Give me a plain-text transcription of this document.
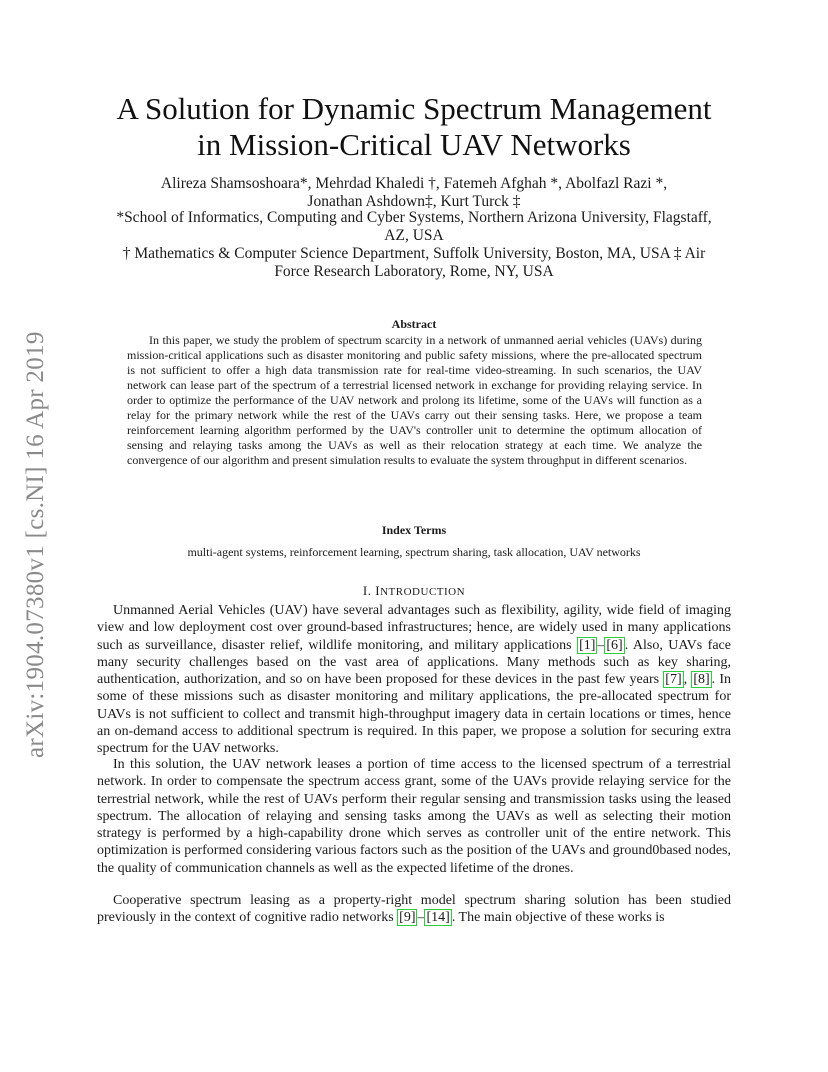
arXiv:1904.07380v1 [cs.NI] 16 Apr 2019
A Solution for Dynamic Spectrum Management
in Mission-Critical UAV Networks
Alireza Shamsoshoara*, Mehrdad Khaledi †, Fatemeh Afghah *, Abolfazl Razi *,
Jonathan Ashdown‡, Kurt Turck ‡
*School of Informatics, Computing and Cyber Systems, Northern Arizona University, Flagstaff,
AZ, USA
† Mathematics & Computer Science Department, Suffolk University, Boston, MA, USA ‡ Air
Force Research Laboratory, Rome, NY, USA
Abstract

In this paper, we study the problem of spectrum scarcity in a network of unmanned aerial vehicles (UAVs) during mission-critical applications such as disaster monitoring and public safety missions, where the pre-allocated spectrum is not sufficient to offer a high data transmission rate for real-time video-streaming. In such scenarios, the UAV network can lease part of the spectrum of a terrestrial licensed network in exchange for providing relaying service. In order to optimize the performance of the UAV network and prolong its lifetime, some of the UAVs will function as a relay for the primary network while the rest of the UAVs carry out their sensing tasks. Here, we propose a team reinforcement learning algorithm performed by the UAV's controller unit to determine the optimum allocation of sensing and relaying tasks among the UAVs as well as their relocation strategy at each time. We analyze the convergence of our algorithm and present simulation results to evaluate the system throughput in different scenarios.

Index Terms
multi-agent systems, reinforcement learning, spectrum sharing, task allocation, UAV networks
I. INTRODUCTION

Unmanned Aerial Vehicles (UAV) have several advantages such as flexibility, agility, wide field of imaging view and low deployment cost over ground-based infrastructures; hence, are widely used in many applications such as surveillance, disaster relief, wildlife monitoring, and military applications [1] – [6] . Also, UAVs face many security challenges based on the vast area of applications. Many methods such as key sharing, authentication, authorization, and so on have been proposed for these devices in the past few years [7] , [8] . In some of these missions such as disaster monitoring and military applications, the pre-allocated spectrum for UAVs is not sufficient to collect and transmit high-throughput imagery data in certain locations or times, hence an on-demand access to additional spectrum is required. In this paper, we propose a solution for securing extra spectrum for the UAV networks.

In this solution, the UAV network leases a portion of time access to the licensed spectrum of a terrestrial network. In order to compensate the spectrum access grant, some of the UAVs provide relaying service for the terrestrial network, while the rest of UAVs perform their regular sensing and transmission tasks using the leased spectrum. The allocation of relaying and sensing tasks among the UAVs as well as selecting their motion strategy is performed by a high-capability drone which serves as controller unit of the entire network. This optimization is performed considering various factors such as the position of the UAVs and ground0based nodes, the quality of communication channels as well as the expected lifetime of the drones.

Cooperative spectrum leasing as a property-right model spectrum sharing solution has been studied previously in the context of cognitive radio networks [9] – [14] . The main objective of these works is
